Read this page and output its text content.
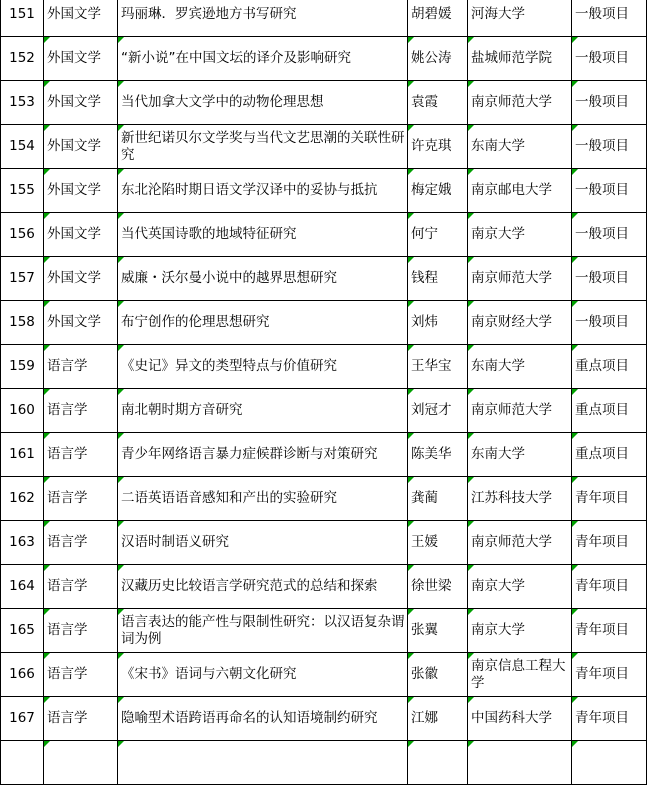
151	外国文学	玛丽琳．罗宾逊地方书写研究	胡碧媛	河海大学	一般项目
152	外国文学	“新小说”在中国文坛的译介及影响研究	姚公涛	盐城师范学院	一般项目
153	外国文学	当代加拿大文学中的动物伦理思想	袁霞	南京师范大学	一般项目
154	外国文学	新世纪诺贝尔文学奖与当代文艺思潮的关联性研究	许克琪	东南大学	一般项目
155	外国文学	东北沦陷时期日语文学汉译中的妥协与抵抗	梅定娥	南京邮电大学	一般项目
156	外国文学	当代英国诗歌的地域特征研究	何宁	南京大学	一般项目
157	外国文学	威廉・沃尔曼小说中的越界思想研究	钱程	南京师范大学	一般项目
158	外国文学	布宁创作的伦理思想研究	刘炜	南京财经大学	一般项目
159	语言学	《史记》异文的类型特点与价值研究	王华宝	东南大学	重点项目
160	语言学	南北朝时期方音研究	刘冠才	南京师范大学	重点项目
161	语言学	青少年网络语言暴力症候群诊断与对策研究	陈美华	东南大学	重点项目
162	语言学	二语英语语音感知和产出的实验研究	龚蔺	江苏科技大学	青年项目
163	语言学	汉语时制语义研究	王媛	南京师范大学	青年项目
164	语言学	汉藏历史比较语言学研究范式的总结和探索	徐世梁	南京大学	青年项目
165	语言学	语言表达的能产性与限制性研究：以汉语复杂谓词为例	张翼	南京大学	青年项目
166	语言学	《宋书》语词与六朝文化研究	张徽	南京信息工程大学	青年项目
167	语言学	隐喻型术语跨语再命名的认知语境制约研究	江娜	中国药科大学	青年项目
